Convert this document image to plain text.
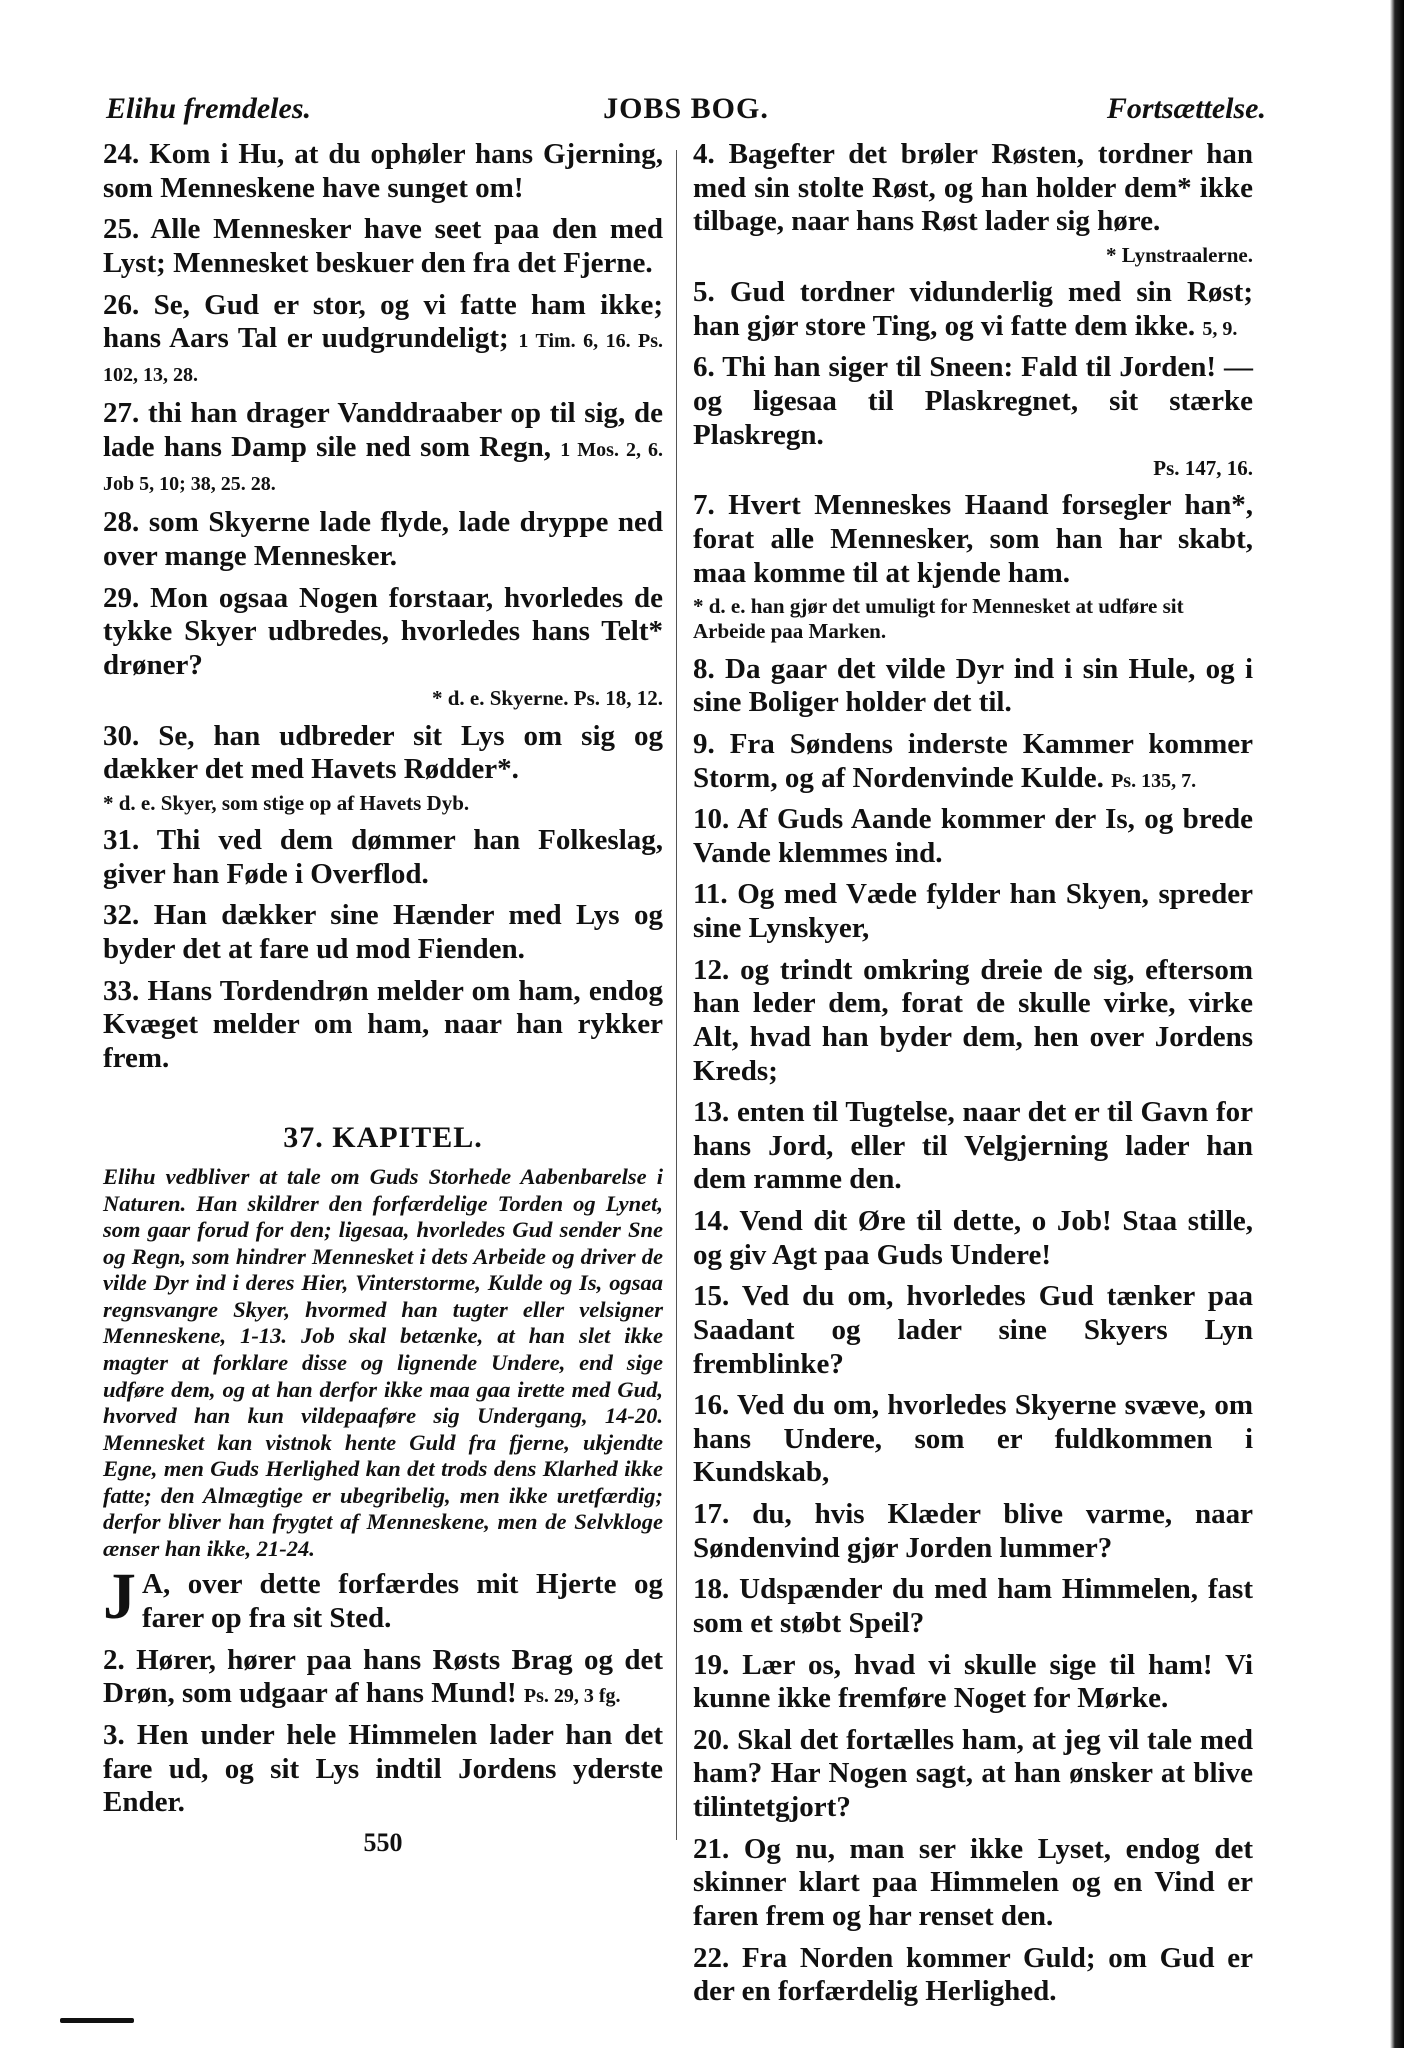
Elihu fremdeles.	JOBS BOG.	Fortsættelse.

24. Kom i Hu, at du ophøler hans Gjerning, som Menneskene have sunget om!

25. Alle Mennesker have seet paa den med Lyst; Mennesket beskuer den fra det Fjerne.

26. Se, Gud er stor, og vi fatte ham ikke; hans Aars Tal er uudgrundeligt; 1 Tim. 6, 16. Ps. 102, 13, 28.

27. thi han drager Vanddraaber op til sig, de lade hans Damp sile ned som Regn, 1 Mos. 2, 6. Job 5, 10; 38, 25. 28.

28. som Skyerne lade flyde, lade dryppe ned over mange Mennesker.

29. Mon ogsaa Nogen forstaar, hvorledes de tykke Skyer udbredes, hvorledes hans Telt* drøner?

* d. e. Skyerne. Ps. 18, 12.

30. Se, han udbreder sit Lys om sig og dækker det med Havets Rødder*.

* d. e. Skyer, som stige op af Havets Dyb.

31. Thi ved dem dømmer han Folkeslag, giver han Føde i Overflod.

32. Han dækker sine Hænder med Lys og byder det at fare ud mod Fienden.

33. Hans Tordendrøn melder om ham, endog Kvæget melder om ham, naar han rykker frem.

37. KAPITEL.

Elihu vedbliver at tale om Guds Storhede Aabenbarelse i Naturen. Han skildrer den forfærdelige Torden og Lynet, som gaar forud for den; ligesaa, hvorledes Gud sender Sne og Regn, som hindrer Mennesket i dets Arbeide og driver de vilde Dyr ind i deres Hier, Vinterstorme, Kulde og Is, ogsaa regnsvangre Skyer, hvormed han tugter eller velsigner Menneskene, 1-13. Job skal betænke, at han slet ikke magter at forklare disse og lignende Undere, end sige udføre dem, og at han derfor ikke maa gaa irette med Gud, hvorved han kun vildepaaføre sig Undergang, 14-20. Mennesket kan vistnok hente Guld fra fjerne, ukjendte Egne, men Guds Herlighed kan det trods dens Klarhed ikke fatte; den Almægtige er ubegribelig, men ikke uretfærdig; derfor bliver han frygtet af Menneskene, men de Selvkloge ænser han ikke, 21-24.

J A, over dette forfærdes mit Hjerte og farer op fra sit Sted.

2. Hører, hører paa hans Røsts Brag og det Drøn, som udgaar af hans Mund! Ps. 29, 3 fg.

3. Hen under hele Himmelen lader han det fare ud, og sit Lys indtil Jordens yderste Ender.

550

4. Bagefter det brøler Røsten, tordner han med sin stolte Røst, og han holder dem* ikke tilbage, naar hans Røst lader sig høre.

* Lynstraalerne.

5. Gud tordner vidunderlig med sin Røst; han gjør store Ting, og vi fatte dem ikke. 5, 9.

6. Thi han siger til Sneen: Fald til Jorden! — og ligesaa til Plaskregnet, sit stærke Plaskregn.

Ps. 147, 16.

7. Hvert Menneskes Haand forsegler han*, forat alle Mennesker, som han har skabt, maa komme til at kjende ham.

* d. e. han gjør det umuligt for Mennesket at udføre sit Arbeide paa Marken.

8. Da gaar det vilde Dyr ind i sin Hule, og i sine Boliger holder det til.

9. Fra Søndens inderste Kammer kommer Storm, og af Nordenvinde Kulde. Ps. 135, 7.

10. Af Guds Aande kommer der Is, og brede Vande klemmes ind.

11. Og med Væde fylder han Skyen, spreder sine Lynskyer,

12. og trindt omkring dreie de sig, eftersom han leder dem, forat de skulle virke, virke Alt, hvad han byder dem, hen over Jordens Kreds;

13. enten til Tugtelse, naar det er til Gavn for hans Jord, eller til Velgjerning lader han dem ramme den.

14. Vend dit Øre til dette, o Job! Staa stille, og giv Agt paa Guds Undere!

15. Ved du om, hvorledes Gud tænker paa Saadant og lader sine Skyers Lyn fremblinke?

16. Ved du om, hvorledes Skyerne svæve, om hans Undere, som er fuldkommen i Kundskab,

17. du, hvis Klæder blive varme, naar Søndenvind gjør Jorden lummer?

18. Udspænder du med ham Himmelen, fast som et støbt Speil?

19. Lær os, hvad vi skulle sige til ham! Vi kunne ikke fremføre Noget for Mørke.

20. Skal det fortælles ham, at jeg vil tale med ham? Har Nogen sagt, at han ønsker at blive tilintetgjort?

21. Og nu, man ser ikke Lyset, endog det skinner klart paa Himmelen og en Vind er faren frem og har renset den.

22. Fra Norden kommer Guld; om Gud er der en forfærdelig Herlighed.
